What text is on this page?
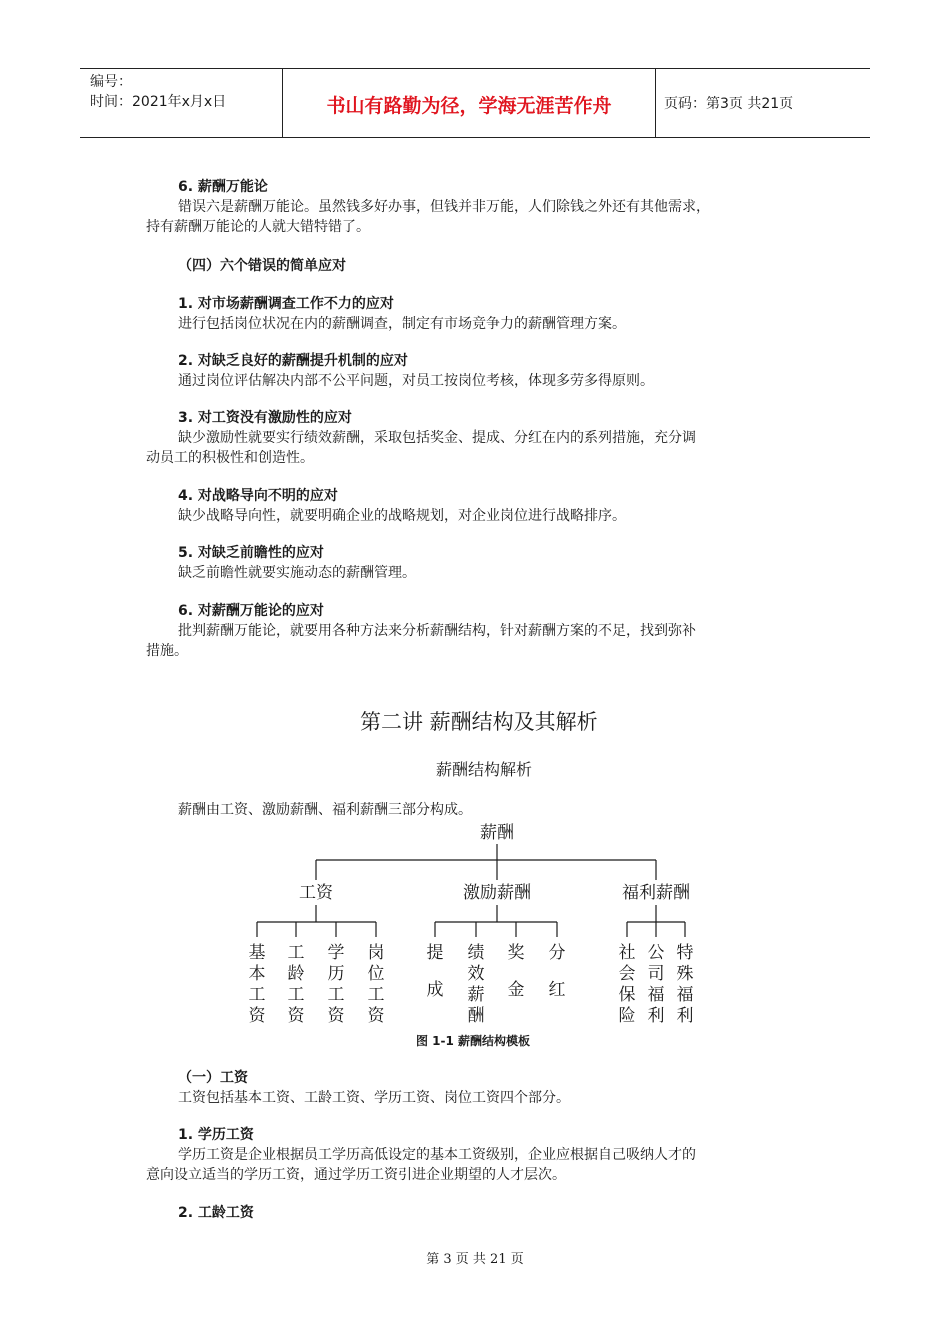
编号：
时间：2021年x月x日	书山有路勤为径，学海无涯苦作舟	页码：第3页 共21页
6. 薪酬万能论
错误六是薪酬万能论。虽然钱多好办事，但钱并非万能，人们除钱之外还有其他需求，
持有薪酬万能论的人就大错特错了。
（四）六个错误的简单应对
1. 对市场薪酬调查工作不力的应对
进行包括岗位状况在内的薪酬调查，制定有市场竞争力的薪酬管理方案。
2. 对缺乏良好的薪酬提升机制的应对
通过岗位评估解决内部不公平问题，对员工按岗位考核，体现多劳多得原则。
3. 对工资没有激励性的应对
缺少激励性就要实行绩效薪酬，采取包括奖金、提成、分红在内的系列措施，充分调
动员工的积极性和创造性。
4. 对战略导向不明的应对
缺少战略导向性，就要明确企业的战略规划，对企业岗位进行战略排序。
5. 对缺乏前瞻性的应对
缺乏前瞻性就要实施动态的薪酬管理。
6. 对薪酬万能论的应对
批判薪酬万能论，就要用各种方法来分析薪酬结构，针对薪酬方案的不足，找到弥补
措施。
第二讲 薪酬结构及其解析
薪酬结构解析
薪酬由工资、激励薪酬、福利薪酬三部分构成。
薪酬
工资	激励薪酬	福利薪酬
基
本
工
资
工
龄
工
资
学
历
工
资
岗
位
工
资
提
成
绩
效
薪
酬
奖
金
分
红
社
会
保
险
公
司
福
利
特
殊
福
利
图 1-1 薪酬结构模板
（一）工资
工资包括基本工资、工龄工资、学历工资、岗位工资四个部分。
1. 学历工资
学历工资是企业根据员工学历高低设定的基本工资级别，企业应根据自己吸纳人才的
意向设立适当的学历工资，通过学历工资引进企业期望的人才层次。
2. 工龄工资
第 3 页 共 21 页
